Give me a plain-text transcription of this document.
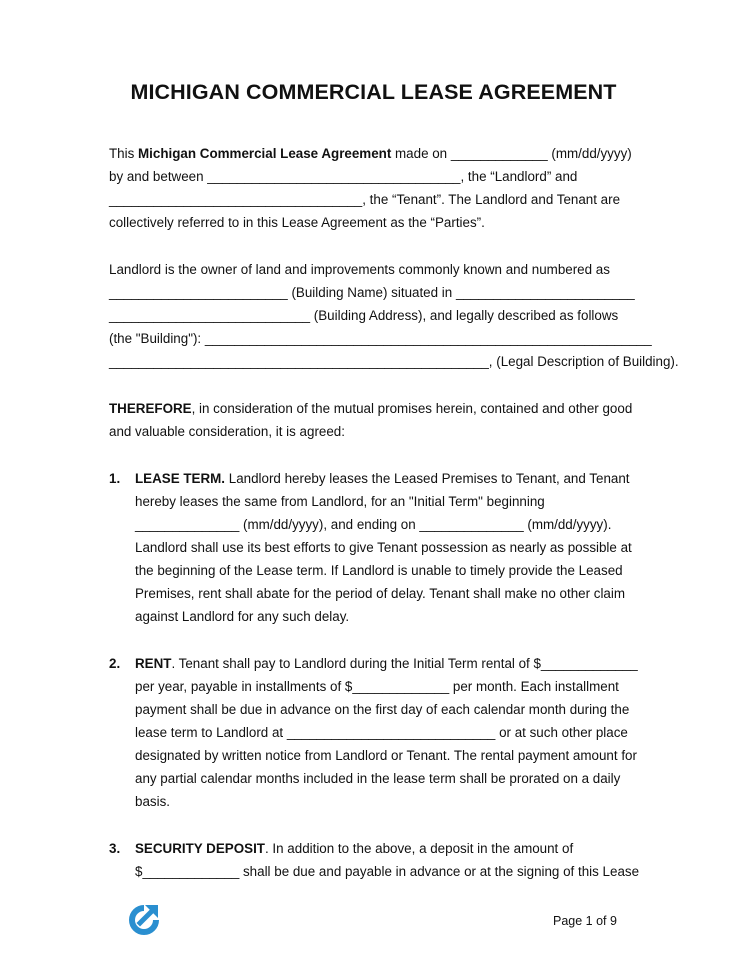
MICHIGAN COMMERCIAL LEASE AGREEMENT
This Michigan Commercial Lease Agreement made on _____________ (mm/dd/yyyy)
by and between __________________________________, the “Landlord” and
__________________________________, the “Tenant”. The Landlord and Tenant are
collectively referred to in this Lease Agreement as the “Parties”.
Landlord is the owner of land and improvements commonly known and numbered as
________________________ (Building Name) situated in ________________________
___________________________ (Building Address), and legally described as follows
(the "Building"): ____________________________________________________________
___________________________________________________, (Legal Description of Building).
THEREFORE, in consideration of the mutual promises herein, contained and other good
and valuable consideration, it is agreed:
1. LEASE TERM. Landlord hereby leases the Leased Premises to Tenant, and Tenant
hereby leases the same from Landlord, for an "Initial Term" beginning
______________ (mm/dd/yyyy), and ending on ______________ (mm/dd/yyyy).
Landlord shall use its best efforts to give Tenant possession as nearly as possible at
the beginning of the Lease term. If Landlord is unable to timely provide the Leased
Premises, rent shall abate for the period of delay. Tenant shall make no other claim
against Landlord for any such delay.
2. RENT. Tenant shall pay to Landlord during the Initial Term rental of $_____________
per year, payable in installments of $_____________ per month. Each installment
payment shall be due in advance on the first day of each calendar month during the
lease term to Landlord at ____________________________ or at such other place
designated by written notice from Landlord or Tenant. The rental payment amount for
any partial calendar months included in the lease term shall be prorated on a daily
basis.
3. SECURITY DEPOSIT. In addition to the above, a deposit in the amount of
$_____________ shall be due and payable in advance or at the signing of this Lease
Page 1 of 9
